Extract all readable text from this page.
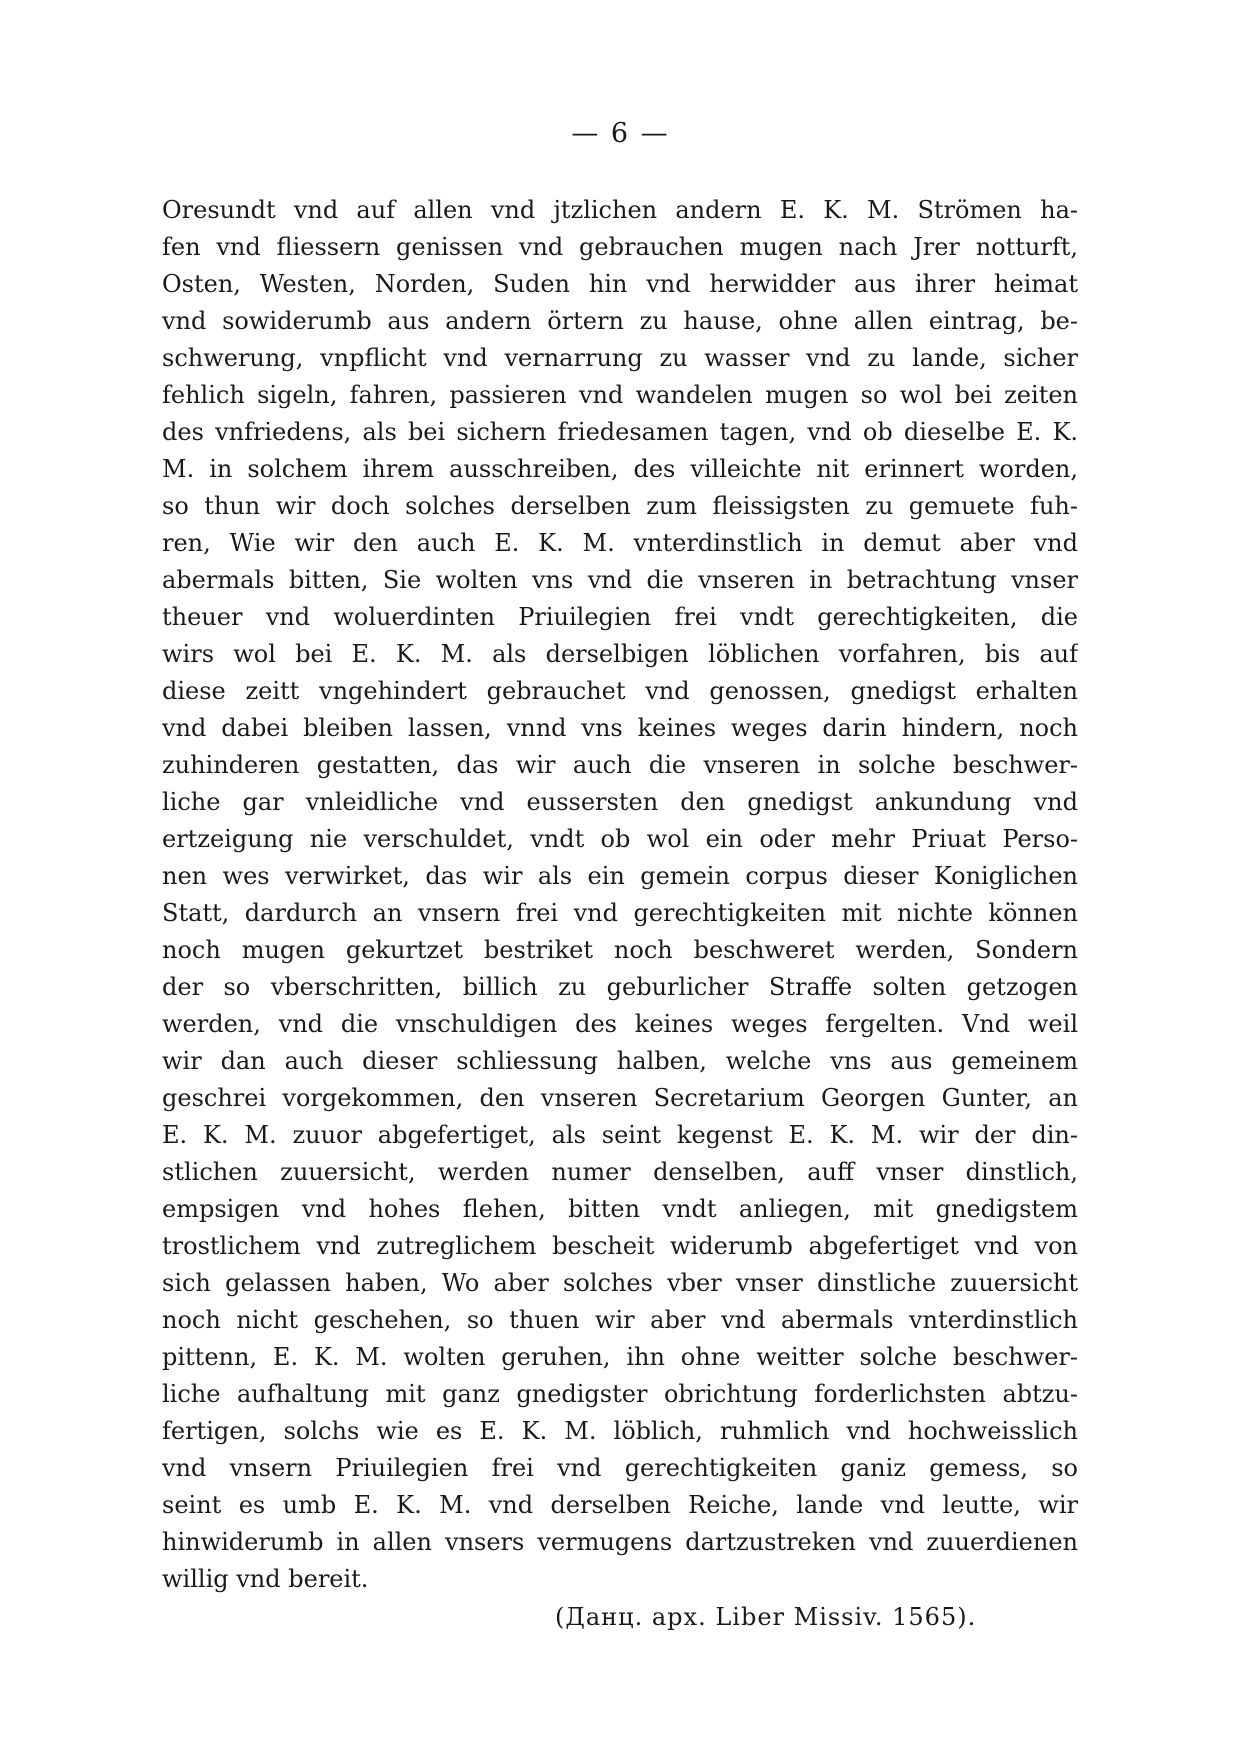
— 6 —
Oresundt vnd auf allen vnd jtzlichen andern E. K. M. Strömen ha-
fen vnd fliessern genissen vnd gebrauchen mugen nach Jrer notturft,
Osten, Westen, Norden, Suden hin vnd herwidder aus ihrer heimat
vnd sowiderumb aus andern örtern zu hause, ohne allen eintrag, be-
schwerung, vnpflicht vnd vernarrung zu wasser vnd zu lande, sicher
fehlich sigeln, fahren, passieren vnd wandelen mugen so wol bei zeiten
des vnfriedens, als bei sichern friedesamen tagen, vnd ob dieselbe E. K.
M. in solchem ihrem ausschreiben, des villeichte nit erinnert worden,
so thun wir doch solches derselben zum fleissigsten zu gemuete fuh-
ren, Wie wir den auch E. K. M. vnterdinstlich in demut aber vnd
abermals bitten, Sie wolten vns vnd die vnseren in betrachtung vnser
theuer vnd woluerdinten Priuilegien frei vndt gerechtigkeiten, die
wirs wol bei E. K. M. als derselbigen löblichen vorfahren, bis auf
diese zeitt vngehindert gebrauchet vnd genossen, gnedigst erhalten
vnd dabei bleiben lassen, vnnd vns keines weges darin hindern, noch
zuhinderen gestatten, das wir auch die vnseren in solche beschwer-
liche gar vnleidliche vnd eussersten den gnedigst ankundung vnd
ertzeigung nie verschuldet, vndt ob wol ein oder mehr Priuat Perso-
nen wes verwirket, das wir als ein gemein corpus dieser Koniglichen
Statt, dardurch an vnsern frei vnd gerechtigkeiten mit nichte können
noch mugen gekurtzet bestriket noch beschweret werden, Sondern
der so vberschritten, billich zu geburlicher Straffe solten getzogen
werden, vnd die vnschuldigen des keines weges fergelten. Vnd weil
wir dan auch dieser schliessung halben, welche vns aus gemeinem
geschrei vorgekommen, den vnseren Secretarium Georgen Gunter, an
E. K. M. zuuor abgefertiget, als seint kegenst E. K. M. wir der din-
stlichen zuuersicht, werden numer denselben, auff vnser dinstlich,
empsigen vnd hohes flehen, bitten vndt anliegen, mit gnedigstem
trostlichem vnd zutreglichem bescheit widerumb abgefertiget vnd von
sich gelassen haben, Wo aber solches vber vnser dinstliche zuuersicht
noch nicht geschehen, so thuen wir aber vnd abermals vnterdinstlich
pittenn, E. K. M. wolten geruhen, ihn ohne weitter solche beschwer-
liche aufhaltung mit ganz gnedigster obrichtung forderlichsten abtzu-
fertigen, solchs wie es E. K. M. löblich, ruhmlich vnd hochweisslich
vnd vnsern Priuilegien frei vnd gerechtigkeiten ganiz gemess, so
seint es umb E. K. M. vnd derselben Reiche, lande vnd leutte, wir
hinwiderumb in allen vnsers vermugens dartzustreken vnd zuuerdienen
willig vnd bereit.
(Данц. арх. Liber Missiv. 1565).
